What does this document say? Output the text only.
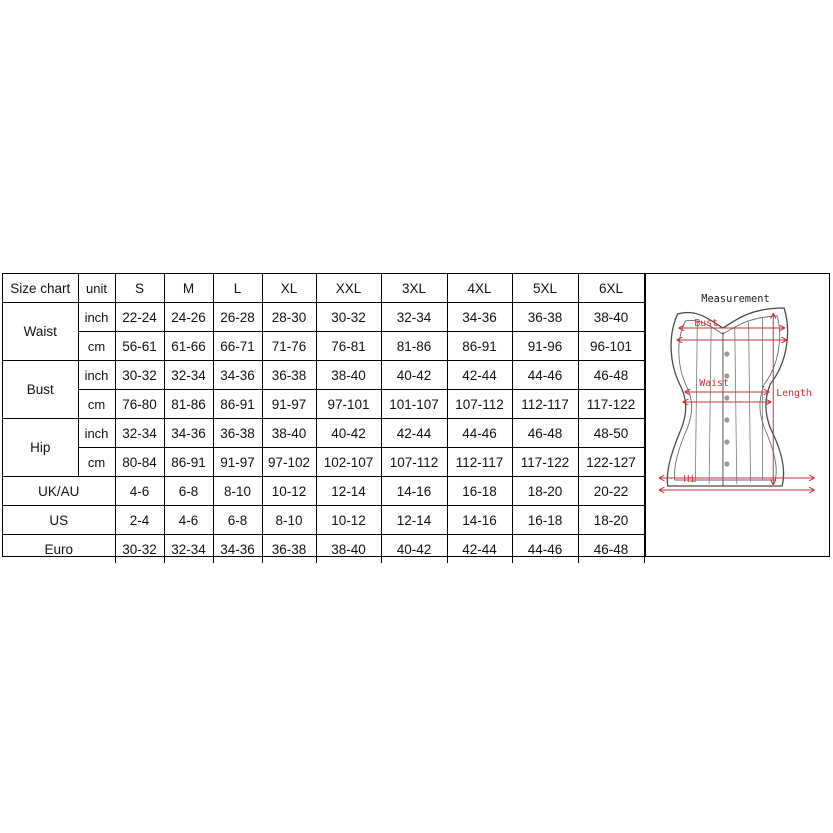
Size chart	unit	S	M	L	XL	XXL	3XL	4XL	5XL	6XL
Waist	inch	22-24	24-26	26-28	28-30	30-32	32-34	34-36	36-38	38-40
	cm	56-61	61-66	66-71	71-76	76-81	81-86	86-91	91-96	96-101
Bust	inch	30-32	32-34	34-36	36-38	38-40	40-42	42-44	44-46	46-48
	cm	76-80	81-86	86-91	91-97	97-101	101-107	107-112	112-117	117-122
Hip	inch	32-34	34-36	36-38	38-40	40-42	42-44	44-46	46-48	48-50
	cm	80-84	86-91	91-97	97-102	102-107	107-112	112-117	117-122	122-127
UK/AU		4-6	6-8	8-10	10-12	12-14	14-16	16-18	18-20	20-22
US		2-4	4-6	6-8	8-10	10-12	12-14	14-16	16-18	18-20
Euro		30-32	32-34	34-36	36-38	38-40	40-42	42-44	44-46	46-48
Measurement
Bust
Waist
Length
Hi
